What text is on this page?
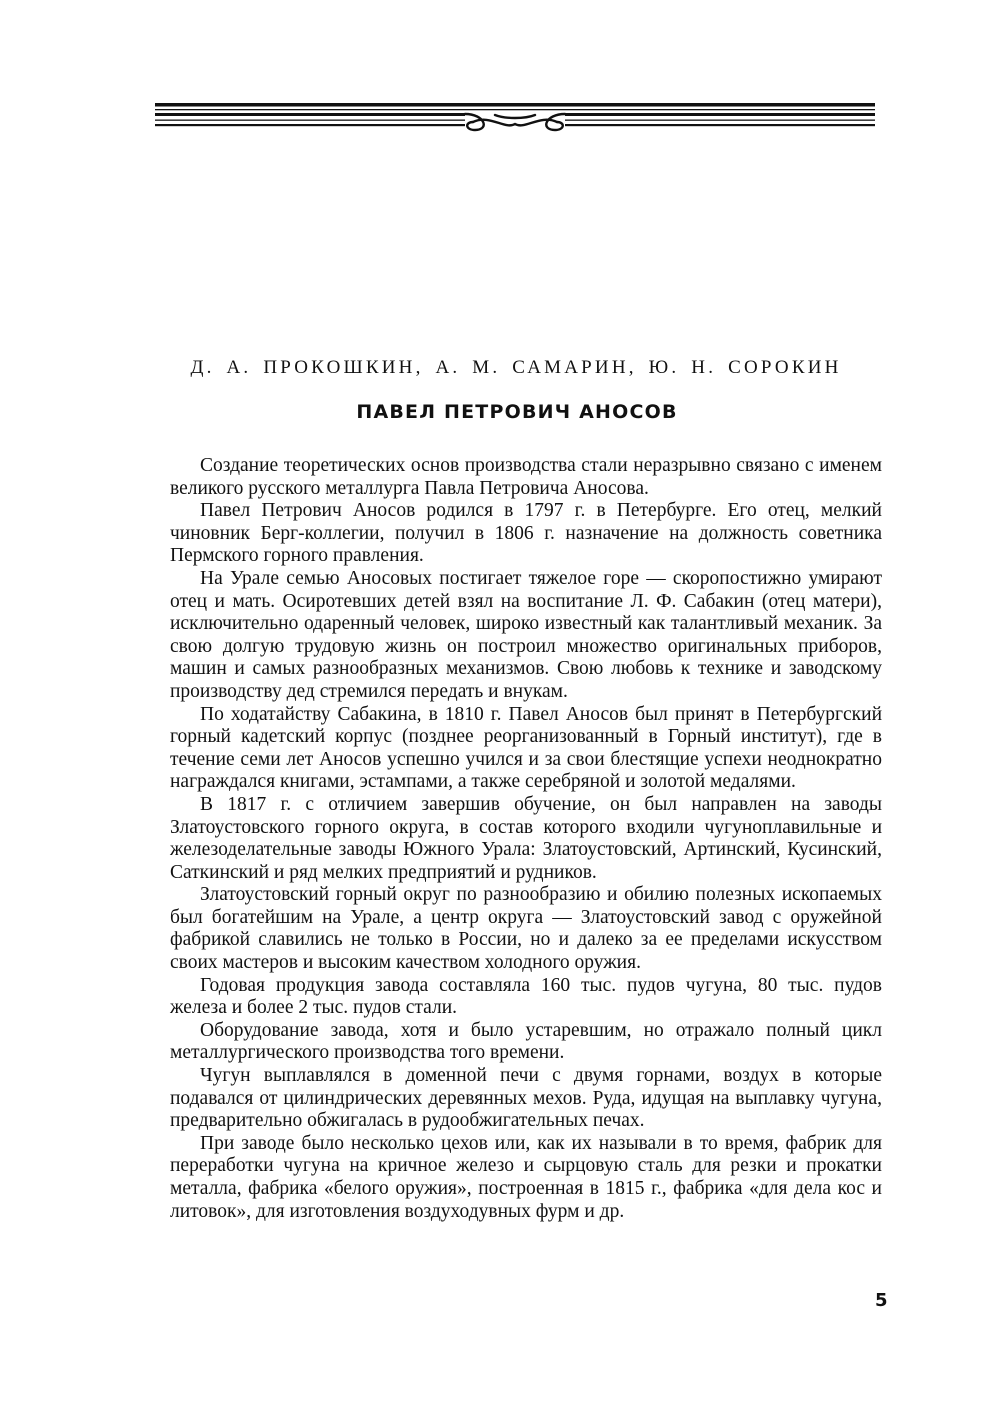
Д. А. ПРОКОШКИН, А. М. САМАРИН, Ю. Н. СОРОКИН
ПАВЕЛ ПЕТРОВИЧ АНОСОВ

Создание теоретических основ производства стали неразрывно связано с именем великого русского металлурга Павла Петровича Аносова.

Павел Петрович Аносов родился в 1797 г. в Петербурге. Его отец, мелкий чиновник Берг-коллегии, получил в 1806 г. назначение на должность советника Пермского горного правления.

На Урале семью Аносовых постигает тяжелое горе — скоропостижно умирают отец и мать. Осиротевших детей взял на воспитание Л. Ф. Сабакин (отец матери), исключительно одаренный человек, широко известный как талантливый механик. За свою долгую трудовую жизнь он построил множество оригинальных приборов, машин и самых разнообразных механизмов. Свою любовь к технике и заводскому производству дед стремился передать и внукам.

По ходатайству Сабакина, в 1810 г. Павел Аносов был принят в Петербургский горный кадетский корпус (позднее реорганизованный в Горный институт), где в течение семи лет Аносов успешно учился и за свои блестящие успехи неоднократно награждался книгами, эстампами, а также серебряной и золотой медалями.

В 1817 г. с отличием завершив обучение, он был направлен на заводы Златоустовского горного округа, в состав которого входили чугуноплавильные и железоделательные заводы Южного Урала: Златоустовский, Артинский, Кусинский, Саткинский и ряд мелких предприятий и рудников.

Златоустовский горный округ по разнообразию и обилию полезных ископаемых был богатейшим на Урале, а центр округа — Златоустовский завод с оружейной фабрикой славились не только в России, но и далеко за ее пределами искусством своих мастеров и высоким качеством холодного оружия.

Годовая продукция завода составляла 160 тыс. пудов чугуна, 80 тыс. пудов железа и более 2 тыс. пудов стали.

Оборудование завода, хотя и было устаревшим, но отражало полный цикл металлургического производства того времени.

Чугун выплавлялся в доменной печи с двумя горнами, воздух в которые подавался от цилиндрических деревянных мехов. Руда, идущая на выплавку чугуна, предварительно обжигалась в рудообжигательных печах.

При заводе было несколько цехов или, как их называли в то время, фабрик для переработки чугуна на кричное железо и сырцовую сталь для резки и прокатки металла, фабрика «белого оружия», построенная в 1815 г., фабрика «для дела кос и литовок», для изготовления воздуходувных фурм и др.

5
